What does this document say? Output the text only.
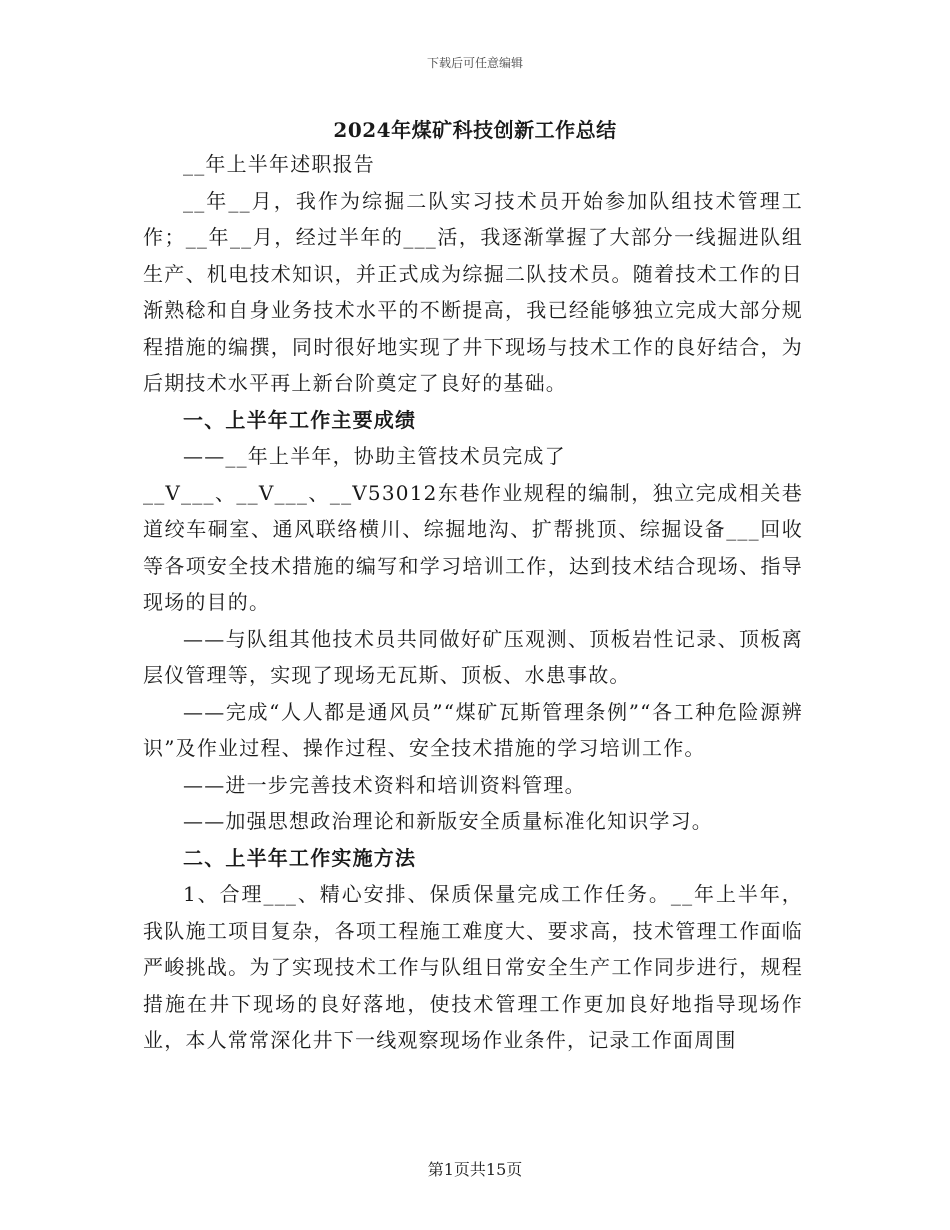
下载后可任意编辑
2024年煤矿科技创新工作总结

__年上半年述职报告

__年__月，我作为综掘二队实习技术员开始参加队组技术管理工作；__年__月，经过半年的___活，我逐渐掌握了大部分一线掘进队组生产、机电技术知识，并正式成为综掘二队技术员。随着技术工作的日渐熟稔和自身业务技术水平的不断提高，我已经能够独立完成大部分规程措施的编撰，同时很好地实现了井下现场与技术工作的良好结合，为后期技术水平再上新台阶奠定了良好的基础。

一、上半年工作主要成绩

——__年上半年，协助主管技术员完成了

__V___、__V___、__V53012东巷作业规程的编制，独立完成相关巷道绞车硐室、通风联络横川、综掘地沟、扩帮挑顶、综掘设备___回收等各项安全技术措施的编写和学习培训工作，达到技术结合现场、指导现场的目的。

——与队组其他技术员共同做好矿压观测、顶板岩性记录、顶板离层仪管理等，实现了现场无瓦斯、顶板、水患事故。

——完成“人人都是通风员”“煤矿瓦斯管理条例”“各工种危险源辨识”及作业过程、操作过程、安全技术措施的学习培训工作。

——进一步完善技术资料和培训资料管理。

——加强思想政治理论和新版安全质量标准化知识学习。

二、上半年工作实施方法

1、合理___、精心安排、保质保量完成工作任务。__年上半年，我队施工项目复杂，各项工程施工难度大、要求高，技术管理工作面临严峻挑战。为了实现技术工作与队组日常安全生产工作同步进行，规程措施在井下现场的良好落地，使技术管理工作更加良好地指导现场作业，本人常常深化井下一线观察现场作业条件，记录工作面周围

第1页共15页
